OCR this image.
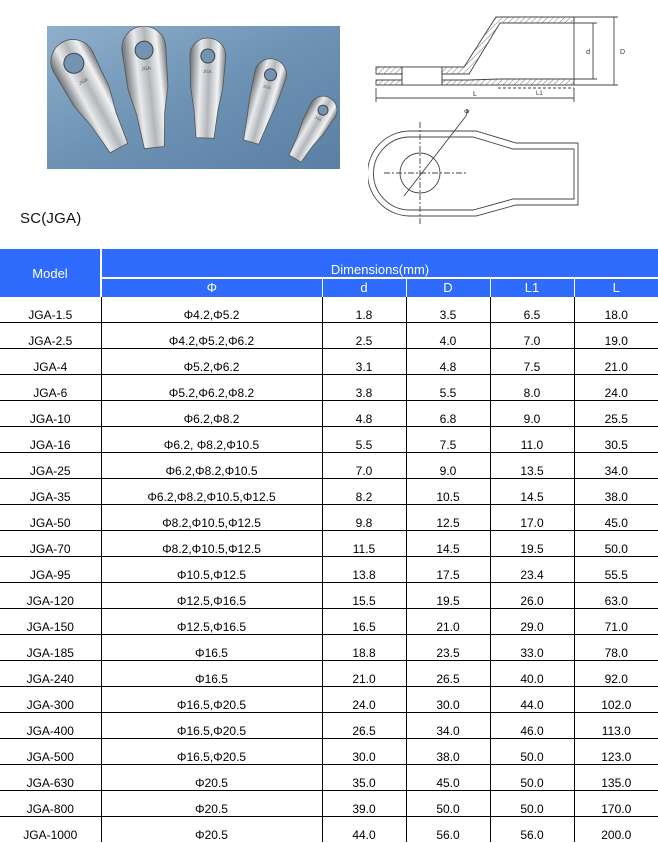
JGA
JGA	JGA
JGA
JGA
d	D
L	L1
Φ
SC(JGA)
Model	Dimensions(mm)				
	Φ	d	D	L1	L
JGA-1.5	Φ4.2,Φ5.2	1.8	3.5	6.5	18.0
JGA-2.5	Φ4.2,Φ5.2,Φ6.2	2.5	4.0	7.0	19.0
JGA-4	Φ5.2,Φ6.2	3.1	4.8	7.5	21.0
JGA-6	Φ5.2,Φ6.2,Φ8.2	3.8	5.5	8.0	24.0
JGA-10	Φ6.2,Φ8.2	4.8	6.8	9.0	25.5
JGA-16	Φ6.2, Φ8.2,Φ10.5	5.5	7.5	11.0	30.5
JGA-25	Φ6.2,Φ8.2,Φ10.5	7.0	9.0	13.5	34.0
JGA-35	Φ6.2,Φ8.2,Φ10.5,Φ12.5	8.2	10.5	14.5	38.0
JGA-50	Φ8.2,Φ10.5,Φ12.5	9.8	12.5	17.0	45.0
JGA-70	Φ8.2,Φ10.5,Φ12.5	11.5	14.5	19.5	50.0
JGA-95	Φ10.5,Φ12.5	13.8	17.5	23.4	55.5
JGA-120	Φ12.5,Φ16.5	15.5	19.5	26.0	63.0
JGA-150	Φ12.5,Φ16.5	16.5	21.0	29.0	71.0
JGA-185	Φ16.5	18.8	23.5	33.0	78.0
JGA-240	Φ16.5	21.0	26.5	40.0	92.0
JGA-300	Φ16.5,Φ20.5	24.0	30.0	44.0	102.0
JGA-400	Φ16.5,Φ20.5	26.5	34.0	46.0	113.0
JGA-500	Φ16.5,Φ20.5	30.0	38.0	50.0	123.0
JGA-630	Φ20.5	35.0	45.0	50.0	135.0
JGA-800	Φ20.5	39.0	50.0	50.0	170.0
JGA-1000	Φ20.5	44.0	56.0	56.0	200.0
